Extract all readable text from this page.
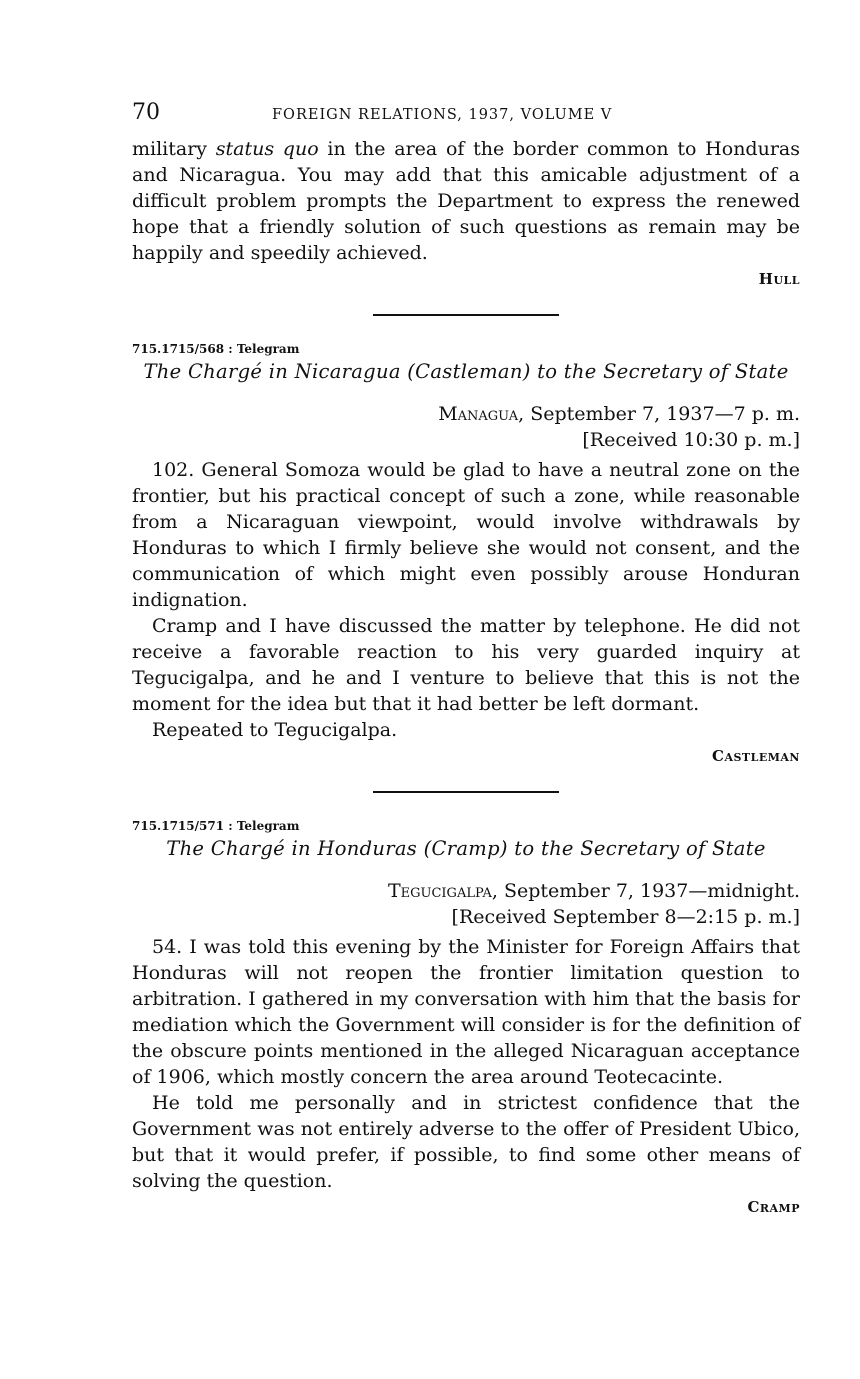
70	FOREIGN RELATIONS, 1937, VOLUME V

military status quo in the area of the border common to Honduras and Nicaragua. You may add that this amicable adjustment of a difficult problem prompts the Department to express the renewed hope that a friendly solution of such questions as remain may be happily and speedily achieved.

Hull
715.1715/568 : Telegram
The Chargé in Nicaragua (Castleman) to the Secretary of State
Managua, September 7, 1937—7 p. m.
[Received 10:30 p. m.]

102. General Somoza would be glad to have a neutral zone on the frontier, but his practical concept of such a zone, while reasonable from a Nicaraguan viewpoint, would involve withdrawals by Honduras to which I firmly believe she would not consent, and the communication of which might even possibly arouse Honduran indignation.

Cramp and I have discussed the matter by telephone. He did not receive a favorable reaction to his very guarded inquiry at Tegucigalpa, and he and I venture to believe that this is not the moment for the idea but that it had better be left dormant.

Repeated to Tegucigalpa.

Castleman
715.1715/571 : Telegram
The Chargé in Honduras (Cramp) to the Secretary of State
Tegucigalpa, September 7, 1937—midnight.
[Received September 8—2:15 p. m.]

54. I was told this evening by the Minister for Foreign Affairs that Honduras will not reopen the frontier limitation question to arbitration. I gathered in my conversation with him that the basis for mediation which the Government will consider is for the definition of the obscure points mentioned in the alleged Nicaraguan acceptance of 1906, which mostly concern the area around Teotecacinte.

He told me personally and in strictest confidence that the Government was not entirely adverse to the offer of President Ubico, but that it would prefer, if possible, to find some other means of solving the question.

Cramp
